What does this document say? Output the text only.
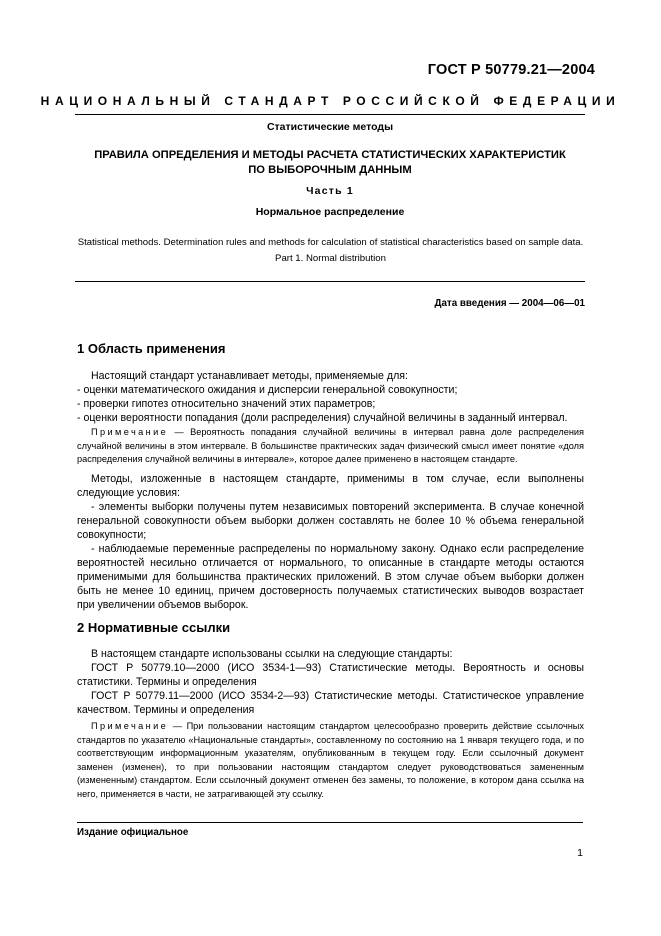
ГОСТ Р 50779.21—2004
НАЦИОНАЛЬНЫЙ СТАНДАРТ РОССИЙСКОЙ ФЕДЕРАЦИИ
Статистические методы
ПРАВИЛА ОПРЕДЕЛЕНИЯ И МЕТОДЫ РАСЧЕТА СТАТИСТИЧЕСКИХ ХАРАКТЕРИСТИК
ПО ВЫБОРОЧНЫМ ДАННЫМ
Часть 1
Нормальное распределение
Statistical methods. Determination rules and methods for calculation of statistical characteristics based on sample data.
Part 1. Normal distribution
Дата введения — 2004—06—01
1 Область применения
Настоящий стандарт устанавливает методы, применяемые для:
- оценки математического ожидания и дисперсии генеральной совокупности;
- проверки гипотез относительно значений этих параметров;
- оценки вероятности попадания (доли распределения) случайной величины в заданный интервал.
Примечание — Вероятность попадания случайной величины в интервал равна доле распределения случайной величины в этом интервале. В большинстве практических задач физический смысл имеет понятие «доля распределения случайной величины в интервале», которое далее применено в настоящем стандарте.
Методы, изложенные в настоящем стандарте, применимы в том случае, если выполнены следующие условия:
- элементы выборки получены путем независимых повторений эксперимента. В случае конечной генеральной совокупности объем выборки должен составлять не более 10 % объема генеральной совокупности;
- наблюдаемые переменные распределены по нормальному закону. Однако если распределение вероятностей несильно отличается от нормального, то описанные в стандарте методы остаются применимыми для большинства практических приложений. В этом случае объем выборки должен быть не менее 10 единиц, причем достоверность получаемых статистических выводов возрастает при увеличении объемов выборок.
2 Нормативные ссылки
В настоящем стандарте использованы ссылки на следующие стандарты:
ГОСТ Р 50779.10—2000 (ИСО 3534-1—93) Статистические методы. Вероятность и основы статистики. Термины и определения
ГОСТ Р 50779.11—2000 (ИСО 3534-2—93) Статистические методы. Статистическое управление качеством. Термины и определения
Примечание — При пользовании настоящим стандартом целесообразно проверить действие ссылочных стандартов по указателю «Национальные стандарты», составленному по состоянию на 1 января текущего года, и по соответствующим информационным указателям, опубликованным в текущем году. Если ссылочный документ заменен (изменен), то при пользовании настоящим стандартом следует руководствоваться замененным (измененным) стандартом. Если ссылочный документ отменен без замены, то положение, в котором дана ссылка на него, применяется в части, не затрагивающей эту ссылку.
Издание официальное
1
